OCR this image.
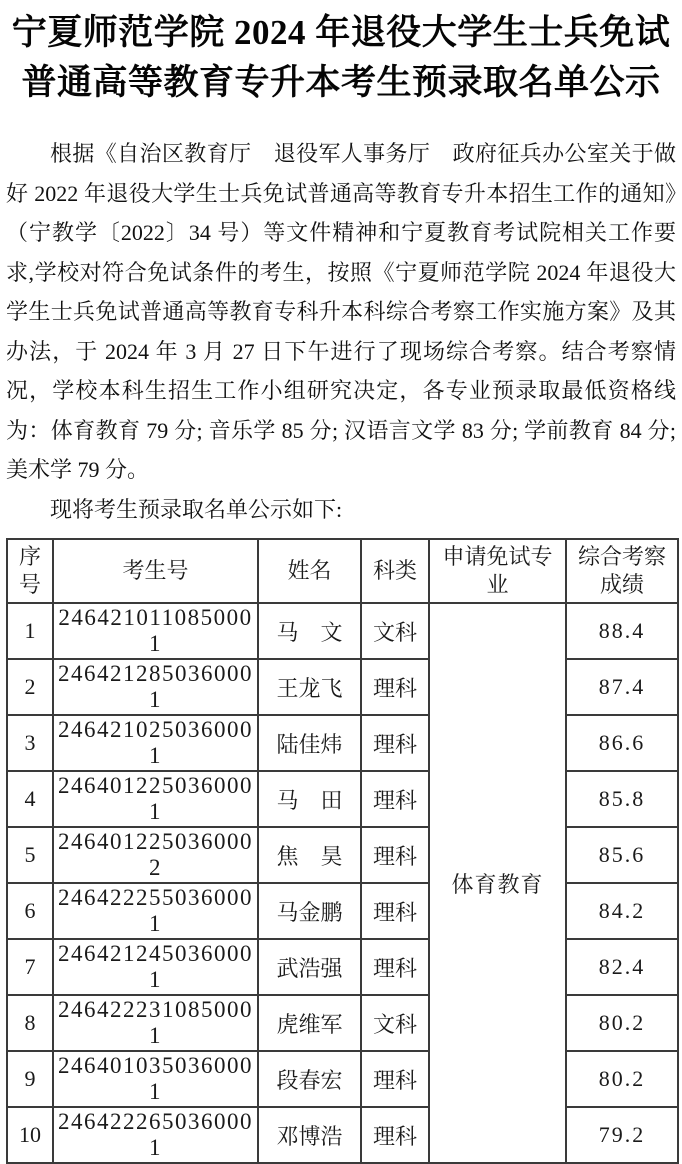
宁夏师范学院 2024 年退役大学生士兵免试
普通高等教育专升本考生预录取名单公示

根据《自治区教育厅　退役军人事务厅　政府征兵办公室关于做好 2022 年退役大学生士兵免试普通高等教育专升本招生工作的通知》（宁教学〔2022〕34 号）等文件精神和宁夏教育考试院相关工作要求,学校对符合免试条件的考生，按照《宁夏师范学院 2024 年退役大学生士兵免试普通高等教育专科升本科综合考察工作实施方案》及其办法，于 2024 年 3 月 27 日下午进行了现场综合考察。结合考察情况，学校本科生招生工作小组研究决定，各专业预录取最低资格线为：体育教育 79 分; 音乐学 85 分; 汉语言文学 83 分; 学前教育 84 分; 美术学 79 分。

现将考生预录取名单公示如下:

序号	考生号	姓名	科类	申请免试专业	综合考察成绩
1	2464210110850001	马　文	文科	体育教育	88.4
2	2464212850360001	王龙飞	理科		87.4
3	2464210250360001	陆佳炜	理科		86.6
4	2464012250360001	马　田	理科		85.8
5	2464012250360002	焦　昊	理科		85.6
6	2464222550360001	马金鹏	理科		84.2
7	2464212450360001	武浩强	理科		82.4
8	2464222310850001	虎维军	文科		80.2
9	2464010350360001	段春宏	理科		80.2
10	2464222650360001	邓博浩	理科		79.2
